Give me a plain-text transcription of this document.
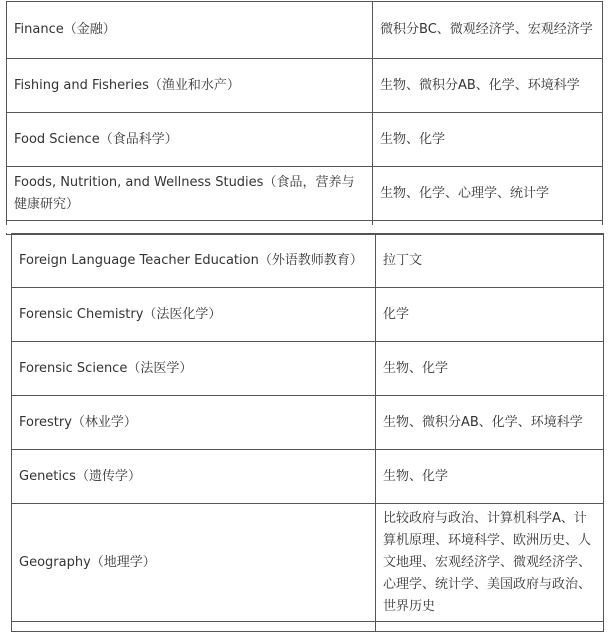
Finance（金融）	微积分BC、微观经济学、宏观经济学
Fishing and Fisheries（渔业和水产）	生物、微积分AB、化学、环境科学
Food Science（食品科学）	生物、化学
Foods, Nutrition, and Wellness Studies（食品，营养与健康研究）	生物、化学、心理学、统计学

Foreign Language Teacher Education（外语教师教育）	拉丁文
Forensic Chemistry（法医化学）	化学
Forensic Science（法医学）	生物、化学
Forestry（林业学）	生物、微积分AB、化学、环境科学
Genetics（遗传学）	生物、化学
Geography（地理学）	比较政府与政治、计算机科学A、计算机原理、环境科学、欧洲历史、人文地理、宏观经济学、微观经济学、心理学、统计学、美国政府与政治、世界历史
